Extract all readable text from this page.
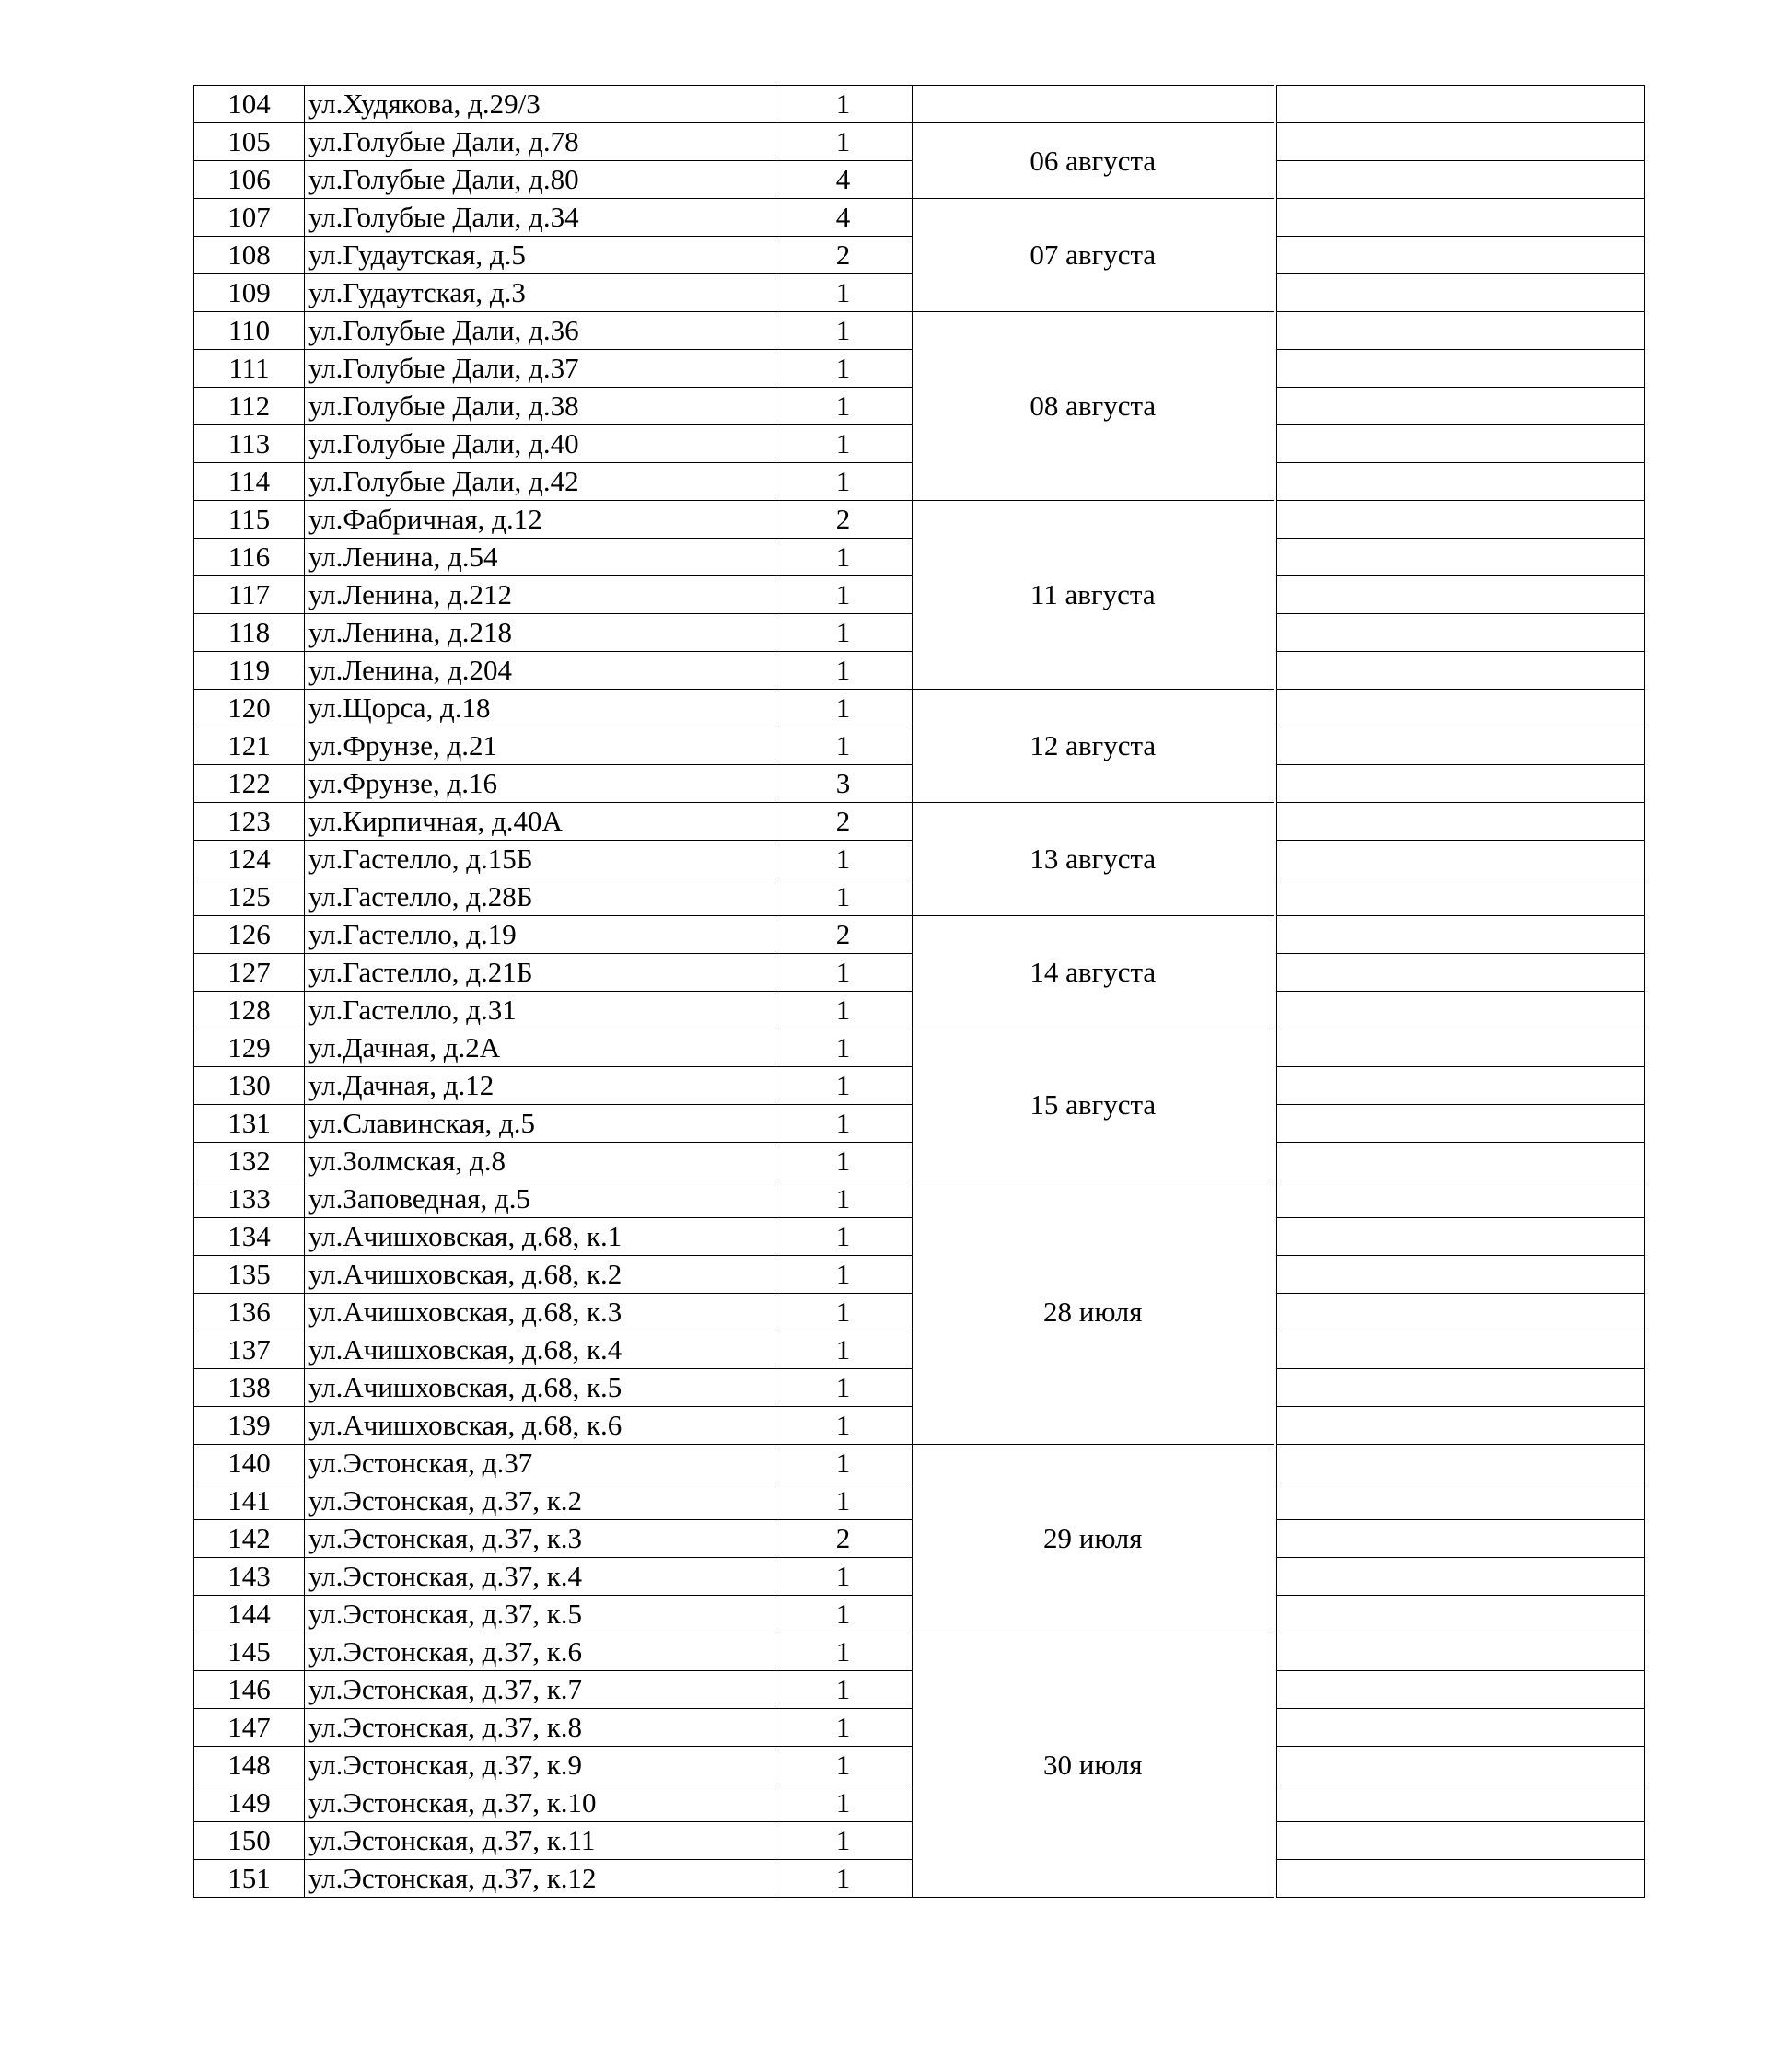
104	ул.Худякова, д.29/3	1		
105	ул.Голубые Дали, д.78	1	06 августа	
106	ул.Голубые Дали, д.80	4		
107	ул.Голубые Дали, д.34	4	07 августа	
108	ул.Гудаутская, д.5	2		
109	ул.Гудаутская, д.3	1		
110	ул.Голубые Дали, д.36	1	08 августа	
111	ул.Голубые Дали, д.37	1		
112	ул.Голубые Дали, д.38	1		
113	ул.Голубые Дали, д.40	1		
114	ул.Голубые Дали, д.42	1		
115	ул.Фабричная, д.12	2	11 августа	
116	ул.Ленина, д.54	1		
117	ул.Ленина, д.212	1		
118	ул.Ленина, д.218	1		
119	ул.Ленина, д.204	1		
120	ул.Щорса, д.18	1	12 августа	
121	ул.Фрунзе, д.21	1		
122	ул.Фрунзе, д.16	3		
123	ул.Кирпичная, д.40А	2	13 августа	
124	ул.Гастелло, д.15Б	1		
125	ул.Гастелло, д.28Б	1		
126	ул.Гастелло, д.19	2	14 августа	
127	ул.Гастелло, д.21Б	1		
128	ул.Гастелло, д.31	1		
129	ул.Дачная, д.2А	1	15 августа	
130	ул.Дачная, д.12	1		
131	ул.Славинская, д.5	1		
132	ул.Золмская, д.8	1		
133	ул.Заповедная, д.5	1	28 июля	
134	ул.Ачишховская, д.68, к.1	1		
135	ул.Ачишховская, д.68, к.2	1		
136	ул.Ачишховская, д.68, к.3	1		
137	ул.Ачишховская, д.68, к.4	1		
138	ул.Ачишховская, д.68, к.5	1		
139	ул.Ачишховская, д.68, к.6	1		
140	ул.Эстонская, д.37	1	29 июля	
141	ул.Эстонская, д.37, к.2	1		
142	ул.Эстонская, д.37, к.3	2		
143	ул.Эстонская, д.37, к.4	1		
144	ул.Эстонская, д.37, к.5	1		
145	ул.Эстонская, д.37, к.6	1	30 июля	
146	ул.Эстонская, д.37, к.7	1		
147	ул.Эстонская, д.37, к.8	1		
148	ул.Эстонская, д.37, к.9	1		
149	ул.Эстонская, д.37, к.10	1		
150	ул.Эстонская, д.37, к.11	1		
151	ул.Эстонская, д.37, к.12	1		
